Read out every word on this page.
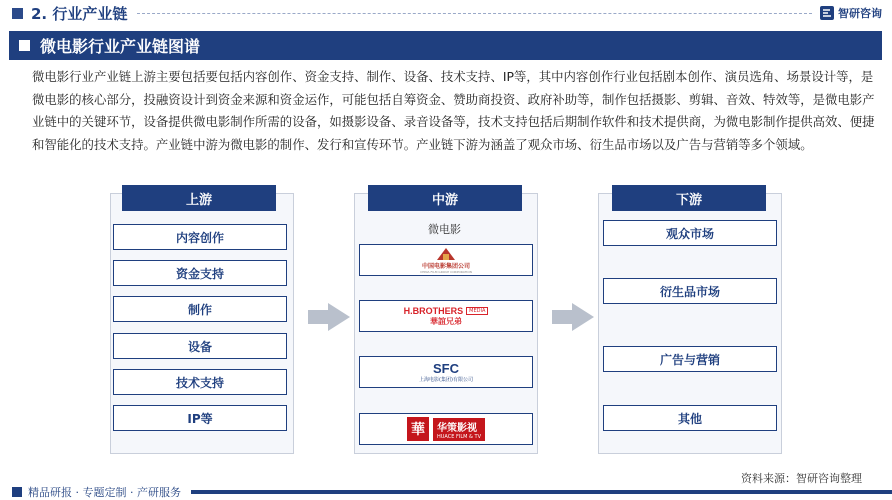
2. 行业产业链	智研咨询
微电影行业产业链图谱
微电影行业产业链上游主要包括要包括内容创作、资金支持、制作、设备、技术支持、IP等，其中内容创作行业包括剧本创作、演员选角、场景设计等，是微电影的核心部分，投融资设计到资金来源和资金运作，可能包括自筹资金、赞助商投资、政府补助等，制作包括摄影、剪辑、音效、特效等，是微电影产业链中的关键环节，设备提供微电影制作所需的设备，如摄影设备、录音设备等，技术支持包括后期制作软件和技术提供商，为微电影制作提供高效、便捷和智能化的技术支持。产业链中游为微电影的制作、发行和宣传环节。产业链下游为涵盖了观众市场、衍生品市场以及广告与营销等多个领域。
上游
内容创作
资金支持
制作
设备
技术支持
IP等
中游
微电影
中国电影集团公司
CHINA FILM GROUP CORPORATION
H.BROTHERS	MEDIA
華誼兄弟
SFC
上海电影(集团)有限公司
華	华策影视
HUACE FILM & TV
下游
观众市场
衍生品市场
广告与营销
其他
资料来源：智研咨询整理
精品研报 · 专题定制 · 产研服务
